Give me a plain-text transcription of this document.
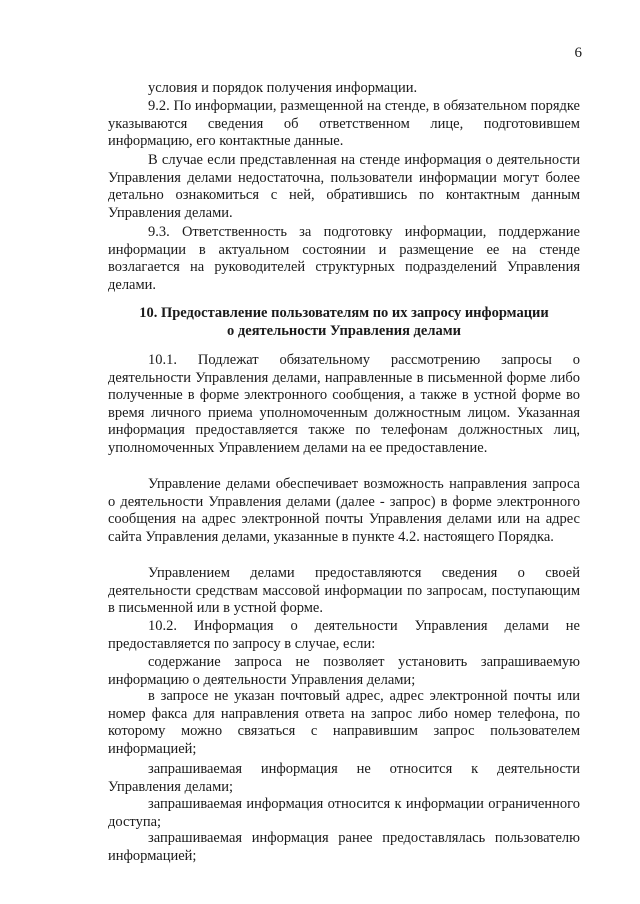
6

условия и порядок получения информации.

9.2. По информации, размещенной на стенде, в обязательном порядке указываются сведения об ответственном лице, подготовившем информацию, его контактные данные.

В случае если представленная на стенде информация о деятельности Управления делами недостаточна, пользователи информации могут более детально ознакомиться с ней, обратившись по контактным данным Управления делами.

9.3. Ответственность за подготовку информации, поддержание информации в актуальном состоянии и размещение ее на стенде возлагается на руководителей структурных подразделений Управления делами.

10. Предоставление пользователям по их запросу информации
о деятельности Управления делами

10.1. Подлежат обязательному рассмотрению запросы о деятельности Управления делами, направленные в письменной форме либо полученные в форме электронного сообщения, а также в устной форме во время личного приема уполномоченным должностным лицом. Указанная информация предоставляется также по телефонам должностных лиц, уполномоченных Управлением делами на ее предоставление.

Управление делами обеспечивает возможность направления запроса о деятельности Управления делами (далее - запрос) в форме электронного сообщения на адрес электронной почты Управления делами или на адрес сайта Управления делами, указанные в пункте 4.2. настоящего Порядка.

Управлением делами предоставляются сведения о своей деятельности средствам массовой информации по запросам, поступающим в письменной или в устной форме.

10.2. Информация о деятельности Управления делами не предоставляется по запросу в случае, если:

содержание запроса не позволяет установить запрашиваемую информацию о деятельности Управления делами;

в запросе не указан почтовый адрес, адрес электронной почты или номер факса для направления ответа на запрос либо номер телефона, по которому можно связаться с направившим запрос пользователем информацией;

запрашиваемая информация не относится к деятельности Управления делами;

запрашиваемая информация относится к информации ограниченного доступа;

запрашиваемая информация ранее предоставлялась пользователю информацией;
